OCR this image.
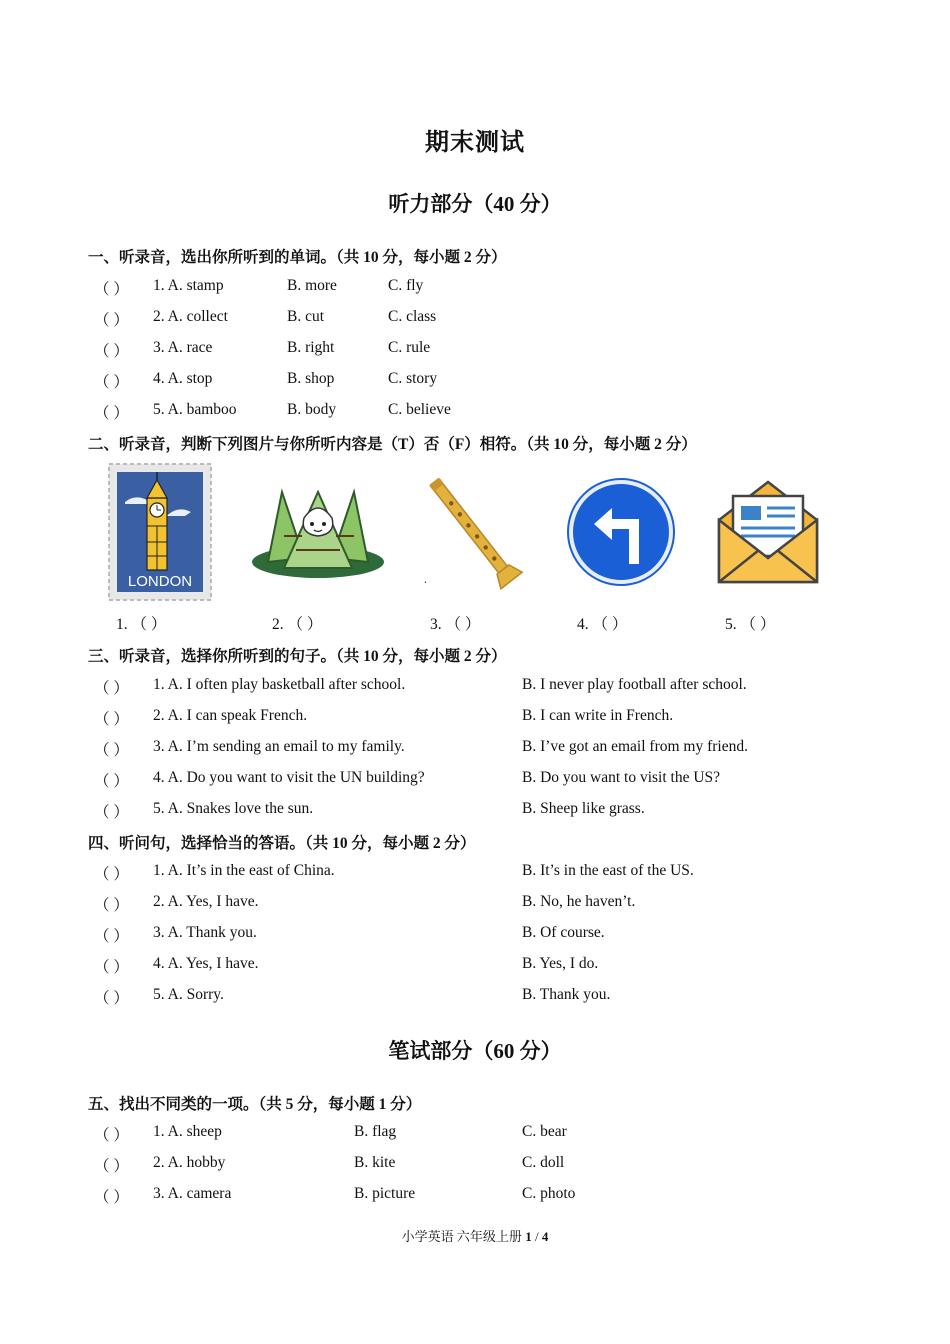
期末测试
听力部分（40 分）
一、听录音，选出你所听到的单词。（共 10 分，每小题 2 分）
（ ） 1. A. stamp	B. more	C. fly
（ ） 2. A. collect	B. cut	C. class
（ ） 3. A. race	B. right	C. rule
（ ） 4. A. stop	B. shop	C. story
（ ） 5. A. bamboo	B. body	C. believe
二、听录音，判断下列图片与你所听内容是（T）否（F）相符。（共 10 分，每小题 2 分）
LONDON	.
1. （ ）	2. （ ）	3. （ ）	4. （ ）	5. （ ）
三、听录音，选择你所听到的句子。（共 10 分，每小题 2 分）
（ ） 1. A. I often play basketball after school.	B. I never play football after school.
（ ） 2. A. I can speak French.	B. I can write in French.
（ ） 3. A. I’m sending an email to my family.	B. I’ve got an email from my friend.
（ ） 4. A. Do you want to visit the UN building?	B. Do you want to visit the US?
（ ） 5. A. Snakes love the sun.	B. Sheep like grass.
四、听问句，选择恰当的答语。（共 10 分，每小题 2 分）
（ ） 1. A. It’s in the east of China.	B. It’s in the east of the US.
（ ） 2. A. Yes, I have.	B. No, he haven’t.
（ ） 3. A. Thank you.	B. Of course.
（ ） 4. A. Yes, I have.	B. Yes, I do.
（ ） 5. A. Sorry.	B. Thank you.
笔试部分（60 分）
五、找出不同类的一项。（共 5 分，每小题 1 分）
（ ） 1. A. sheep	B. flag	C. bear
（ ） 2. A. hobby	B. kite	C. doll
（ ） 3. A. camera	B. picture	C. photo
小学英语 六年级上册 1 / 4
